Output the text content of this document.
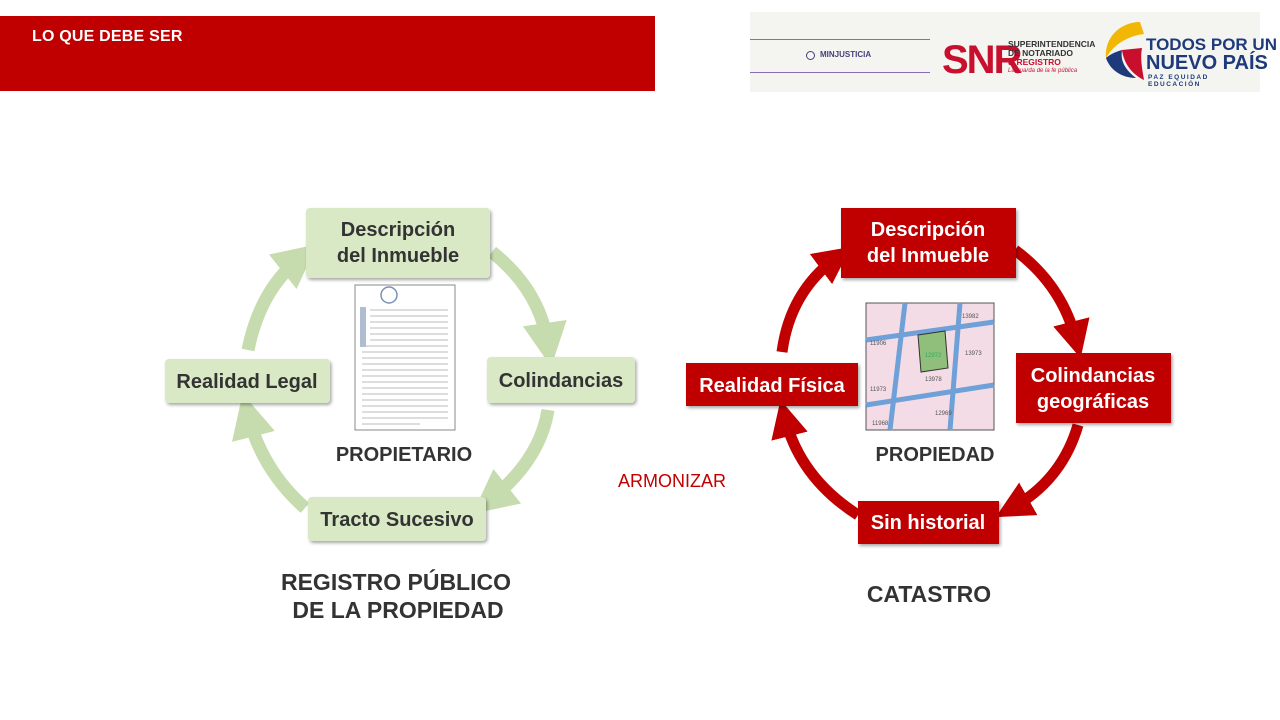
LO QUE DEBE SER
MINJUSTICIA SNR
SUPERINTENDENCIA
DE NOTARIADO
& REGISTRO
La guarda de la fe pública
TODOS POR UN
NUEVO PAÍS
PAZ EQUIDAD EDUCACIÓN
Descripción
del Inmueble
Colindancias
Tracto Sucesivo
Realidad Legal
PROPIETARIO
REGISTRO PÚBLICO
DE LA PROPIEDAD
ARMONIZAR
Descripción
del Inmueble
Colindancias
geográficas
Sin historial
Realidad Física
12972
13982
11906
13973
13978
11973
12969
11968
PROPIEDAD
CATASTRO
